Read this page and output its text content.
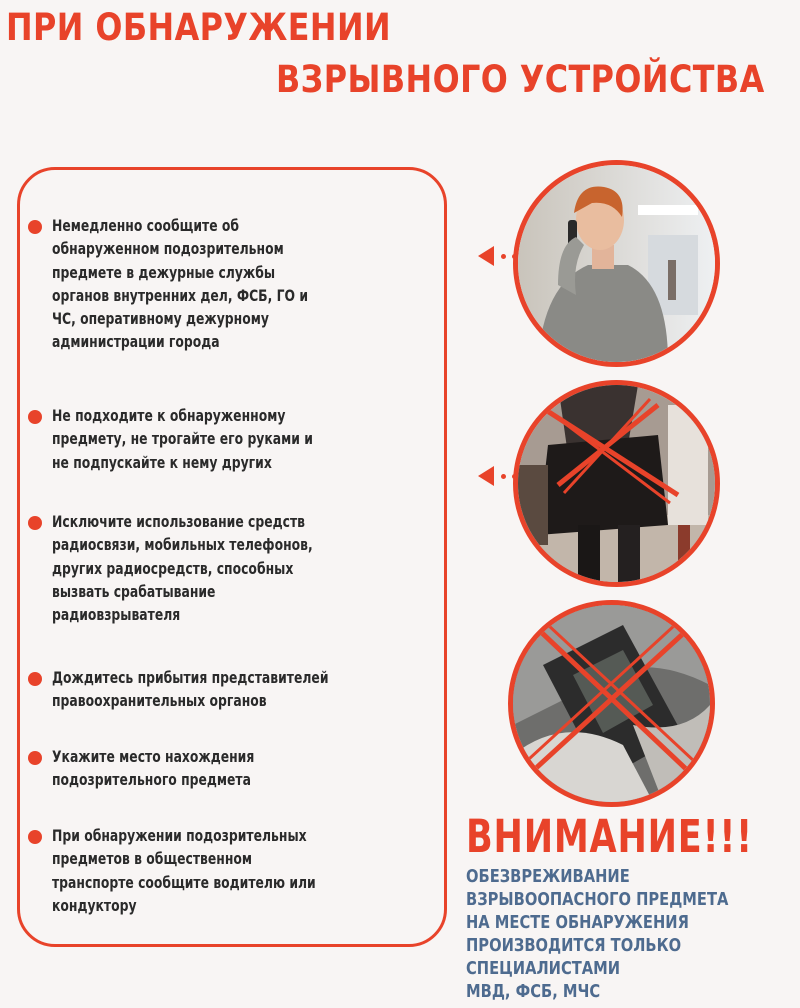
ПРИ ОБНАРУЖЕНИИ
ВЗРЫВНОГО УСТРОЙСТВА

Немедленно сообщите об
обнаруженном подозрительном
предмете в дежурные службы
органов внутренних дел, ФСБ, ГО и
ЧС, оперативному дежурному
администрации города

Не подходите к обнаруженному
предмету, не трогайте его руками и
не подпускайте к нему других

Исключите использование средств
радиосвязи, мобильных телефонов,
других радиосредств, способных
вызвать срабатывание
радиовзрывателя

Дождитесь прибытия представителей
правоохранительных органов

Укажите место нахождения
подозрительного предмета

При обнаружении подозрительных
предметов в общественном
транспорте сообщите водителю или
кондуктору

ВНИМАНИЕ!!!

ОБЕЗВРЕЖИВАНИЕ
ВЗРЫВООПАСНОГО ПРЕДМЕТА
НА МЕСТЕ ОБНАРУЖЕНИЯ
ПРОИЗВОДИТСЯ ТОЛЬКО
СПЕЦИАЛИСТАМИ
МВД, ФСБ, МЧС
